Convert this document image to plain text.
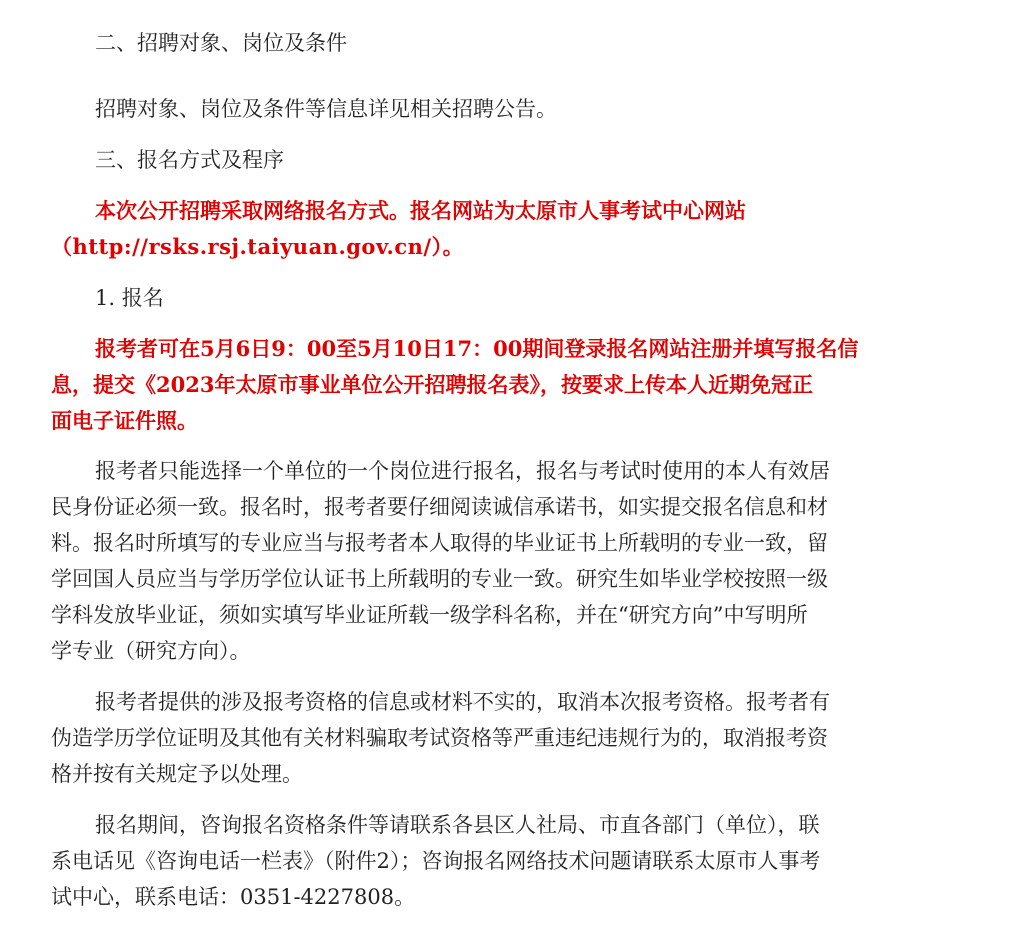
二、招聘对象、岗位及条件

招聘对象、岗位及条件等信息详见相关招聘公告。

三、报名方式及程序

本次公开招聘采取网络报名方式。报名网站为太原市人事考试中心网站
（http://rsks.rsj.taiyuan.gov.cn/）。

1. 报名

报考者可在5月6日9：00至5月10日17：00期间登录报名网站注册并填写报名信
息，提交《2023年太原市事业单位公开招聘报名表》，按要求上传本人近期免冠正
面电子证件照。

报考者只能选择一个单位的一个岗位进行报名，报名与考试时使用的本人有效居
民身份证必须一致。报名时，报考者要仔细阅读诚信承诺书，如实提交报名信息和材
料。报名时所填写的专业应当与报考者本人取得的毕业证书上所载明的专业一致，留
学回国人员应当与学历学位认证书上所载明的专业一致。研究生如毕业学校按照一级
学科发放毕业证，须如实填写毕业证所载一级学科名称，并在“研究方向”中写明所
学专业（研究方向）。

报考者提供的涉及报考资格的信息或材料不实的，取消本次报考资格。报考者有
伪造学历学位证明及其他有关材料骗取考试资格等严重违纪违规行为的，取消报考资
格并按有关规定予以处理。

报名期间，咨询报名资格条件等请联系各县区人社局、市直各部门（单位），联
系电话见《咨询电话一栏表》（附件2）；咨询报名网络技术问题请联系太原市人事考
试中心，联系电话：0351-4227808。
